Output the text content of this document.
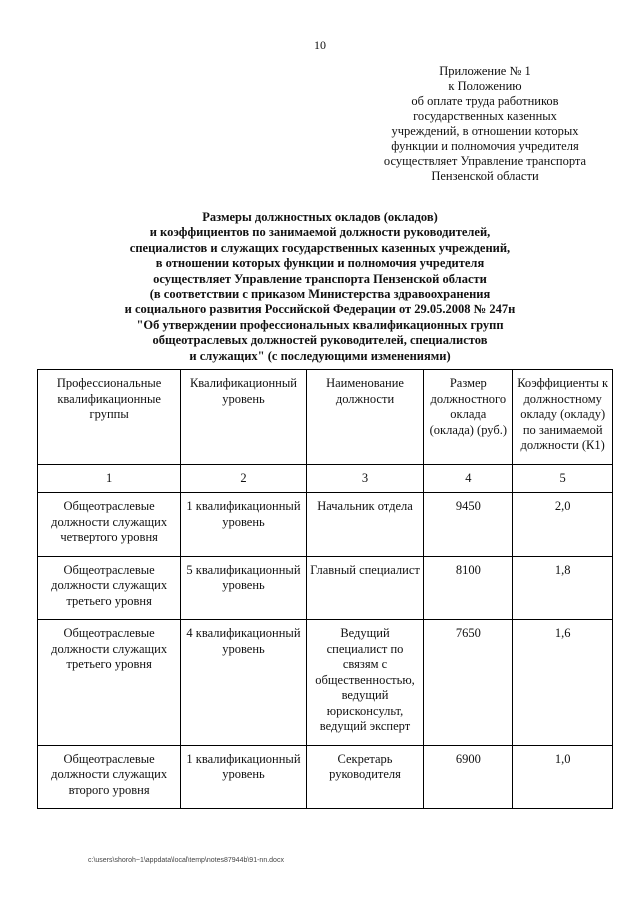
10
Приложение № 1
к Положению
об оплате труда работников
государственных казенных
учреждений, в отношении которых
функции и полномочия учредителя
осуществляет Управление транспорта
Пензенской области
Размеры должностных окладов (окладов)
и коэффициентов по занимаемой должности руководителей,
специалистов и служащих государственных казенных учреждений,
в отношении которых функции и полномочия учредителя
осуществляет Управление транспорта Пензенской области
(в соответствии с приказом Министерства здравоохранения
и социального развития Российской Федерации от 29.05.2008 № 247н
"Об утверждении профессиональных квалификационных групп
общеотраслевых должностей руководителей, специалистов
и служащих" (с последующими изменениями)
Профессиональные квалификационные группы	Квалификационный уровень	Наименование должности	Размер должностного оклада (оклада) (руб.)	Коэффициенты к должностному окладу (окладу) по занимаемой должности (К1)
1	2	3	4	5
Общеотраслевые должности служащих четвертого уровня	1 квалификационный уровень	Начальник отдела	9450	2,0
Общеотраслевые должности служащих третьего уровня	5 квалификационный уровень	Главный специалист	8100	1,8
Общеотраслевые должности служащих третьего уровня	4 квалификационный уровень	Ведущий специалист по связям с общественностью, ведущий юрисконсульт, ведущий эксперт	7650	1,6
Общеотраслевые должности служащих второго уровня	1 квалификационный уровень	Секретарь руководителя	6900	1,0
c:\users\shoroh~1\appdata\local\temp\notes87944b\91-nn.docx
